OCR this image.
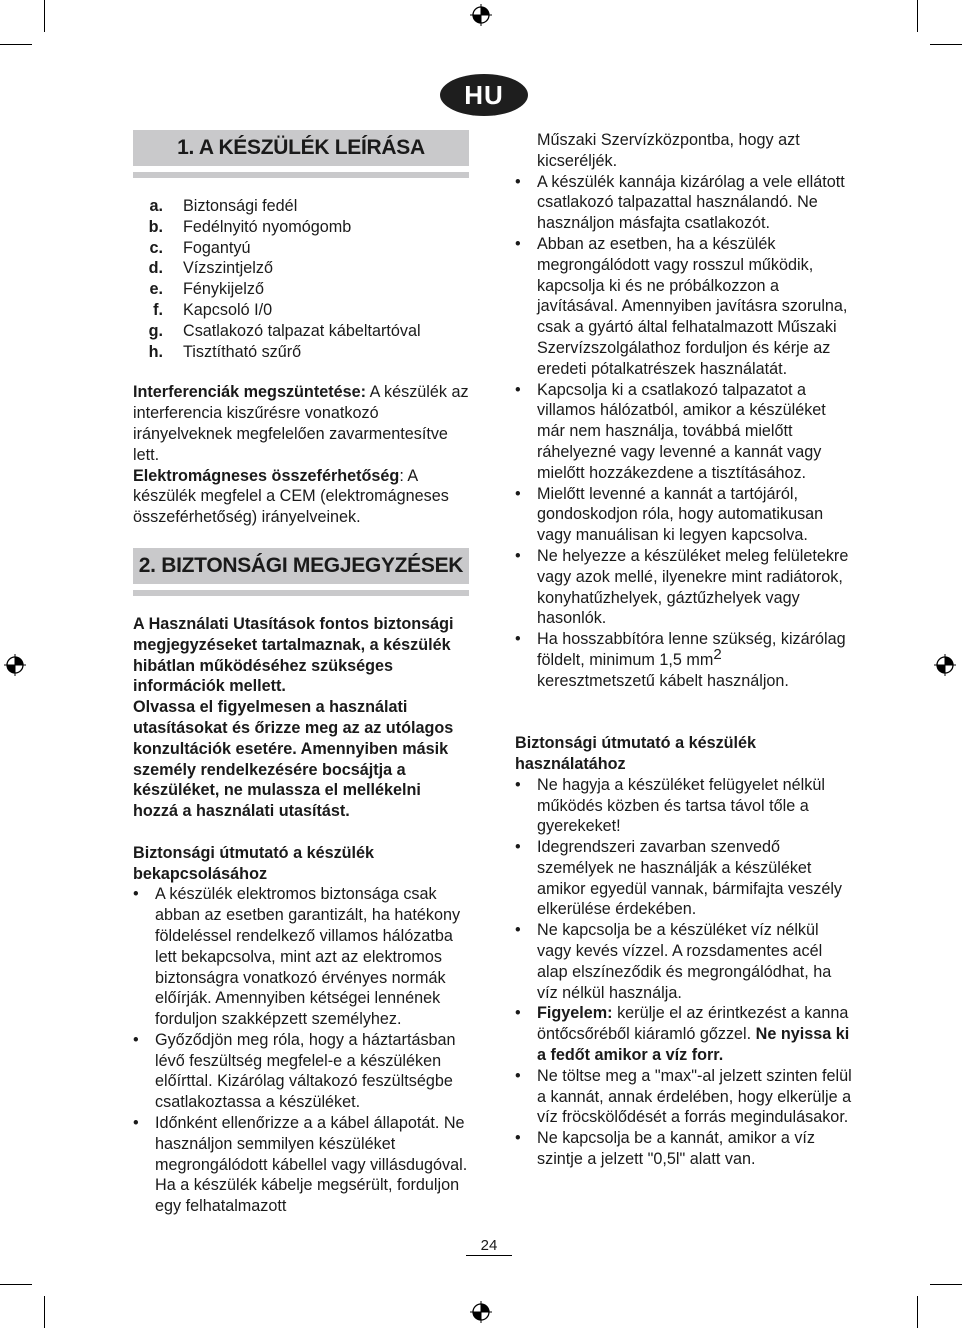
HU
1. A KÉSZÜLÉK LEÍRÁSA
a.	Biztonsági fedél
b.	Fedélnyitó nyomógomb
c.	Fogantyú
d.	Vízszintjelző
e.	Fénykijelző
f.	Kapcsoló I/0
g.	Csatlakozó talpazat kábeltartóval
h.	Tisztítható szűrő

Interferenciák megszüntetése: A készülék az interferencia kiszűrésre vonatkozó irányelveknek megfelelően zavarmentesítve lett.

Elektromágneses összeférhetőség: A készülék megfelel a CEM (elektromágneses összeférhetőség) irányelveinek.

2. BIZTONSÁGI MEGJEGYZÉSEK

A Használati Utasítások fontos biztonsági megjegyzéseket tartalmaznak, a készülék hibátlan működéséhez szükséges információk mellett.

Olvassa el figyelmesen a használati utasításokat és őrizze meg az az utólagos konzultációk esetére. Amennyiben másik személy rendelkezésére bocsájtja a készüléket, ne mulassza el mellékelni hozzá a használati utasítást.

Biztonsági útmutató a készülék bekapcsolásához

• A készülék elektromos biztonsága csak abban az esetben garantizált, ha hatékony földeléssel rendelkező villamos hálózatba lett bekapcsolva, mint azt az elektromos biztonságra vonatkozó érvényes normák előírják. Amennyiben kétségei lennének forduljon szakképzett személyhez.
• Győződjön meg róla, hogy a háztartásban lévő feszültség megfelel-e a készüléken előírttal. Kizárólag váltakozó feszültségbe csatlakoztassa a készüléket.
• Időnként ellenőrizze a a kábel állapotát. Ne használjon semmilyen készüléket megrongálódott kábellel vagy villásdugóval. Ha a készülék kábelje megsérült, forduljon egy felhatalmazott

Műszaki Szervízközpontba, hogy azt kicseréljék.

• A készülék kannája kizárólag a vele ellátott csatlakozó talpazattal használandó. Ne használjon másfajta csatlakozót.
• Abban az esetben, ha a készülék megrongálódott vagy rosszul működik, kapcsolja ki és ne próbálkozzon a javításával. Amennyiben javításra szorulna, csak a gyártó által felhatalmazott Műszaki Szervízszolgálathoz forduljon és kérje az eredeti pótalkatrészek használatát.
• Kapcsolja ki a csatlakozó talpazatot a villamos hálózatból, amikor a készüléket már nem használja, továbbá mielőtt ráhelyezné vagy levenné a kannát vagy mielőtt hozzákezdene a tisztításához.
• Mielőtt levenné a kannát a tartójáról, gondoskodjon róla, hogy automatikusan vagy manuálisan ki legyen kapcsolva.
• Ne helyezze a készüléket meleg felületekre vagy azok mellé, ilyenekre mint radiátorok, konyhatűzhelyek, gáztűzhelyek vagy hasonlók.
• Ha hosszabbítóra lenne szükség, kizárólag földelt, minimum 1,5 $mm^2$
keresztmetszetű kábelt használjon.

Biztonsági útmutató a készülék használatához

• Ne hagyja a készüléket felügyelet nélkül működés közben és tartsa távol tőle a gyerekeket!
• Idegrendszeri zavarban szenvedő személyek ne használják a készüléket amikor egyedül vannak, bármifajta veszély elkerülése érdekében.
• Ne kapcsolja be a készüléket víz nélkül vagy kevés vízzel. A rozsdamentes acél alap elszíneződik és megrongálódhat, ha víz nélkül használja.
• Figyelem: kerülje el az érintkezést a kanna öntőcsőréből kiáramló gőzzel. Ne nyissa ki a fedőt amikor a víz forr.
• Ne töltse meg a "max"-al jelzett szinten felül a kannát, annak érdelében, hogy elkerülje a víz fröcskölődését a forrás megindulásakor.
• Ne kapcsolja be a kannát, amikor a víz szintje a jelzett "0,5l" alatt van.
24
